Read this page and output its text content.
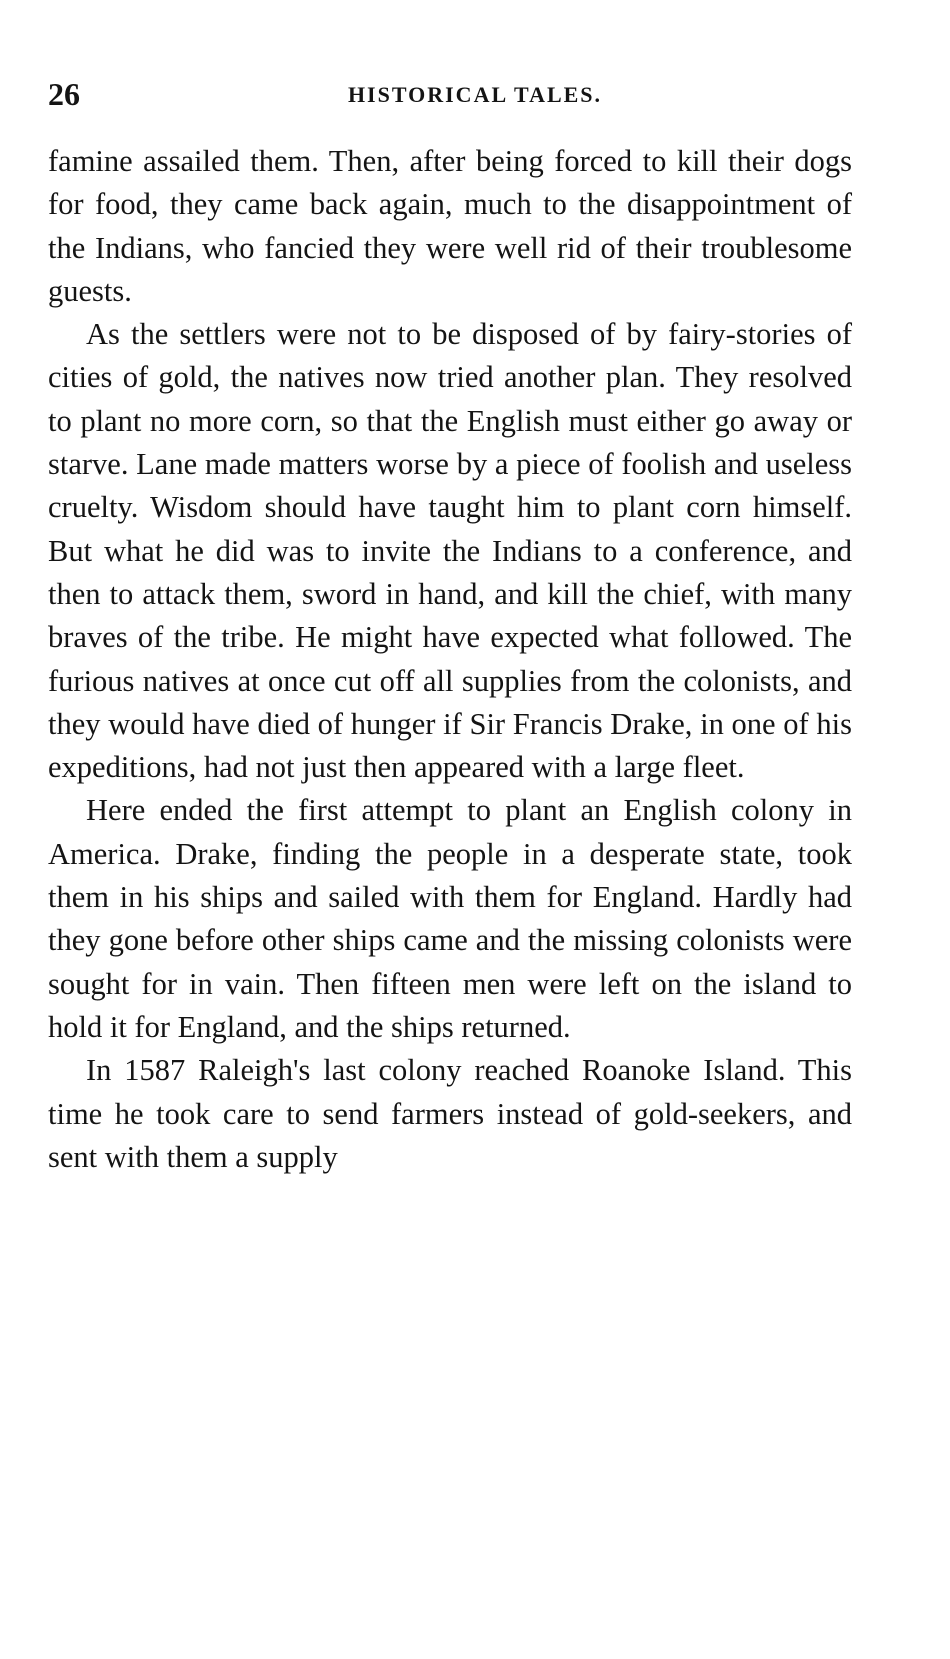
26	HISTORICAL TALES.

famine assailed them. Then, after being forced to kill their dogs for food, they came back again, much to the disappointment of the Indians, who fancied they were well rid of their troublesome guests.

As the settlers were not to be disposed of by fairy-stories of cities of gold, the natives now tried another plan. They resolved to plant no more corn, so that the English must either go away or starve. Lane made matters worse by a piece of foolish and useless cruelty. Wisdom should have taught him to plant corn himself. But what he did was to invite the Indians to a conference, and then to attack them, sword in hand, and kill the chief, with many braves of the tribe. He might have expected what followed. The furious natives at once cut off all supplies from the colonists, and they would have died of hunger if Sir Francis Drake, in one of his expeditions, had not just then appeared with a large fleet.

Here ended the first attempt to plant an English colony in America. Drake, finding the people in a desperate state, took them in his ships and sailed with them for England. Hardly had they gone before other ships came and the missing colonists were sought for in vain. Then fifteen men were left on the island to hold it for England, and the ships returned.

In 1587 Raleigh's last colony reached Roanoke Island. This time he took care to send farmers instead of gold-seekers, and sent with them a supply
